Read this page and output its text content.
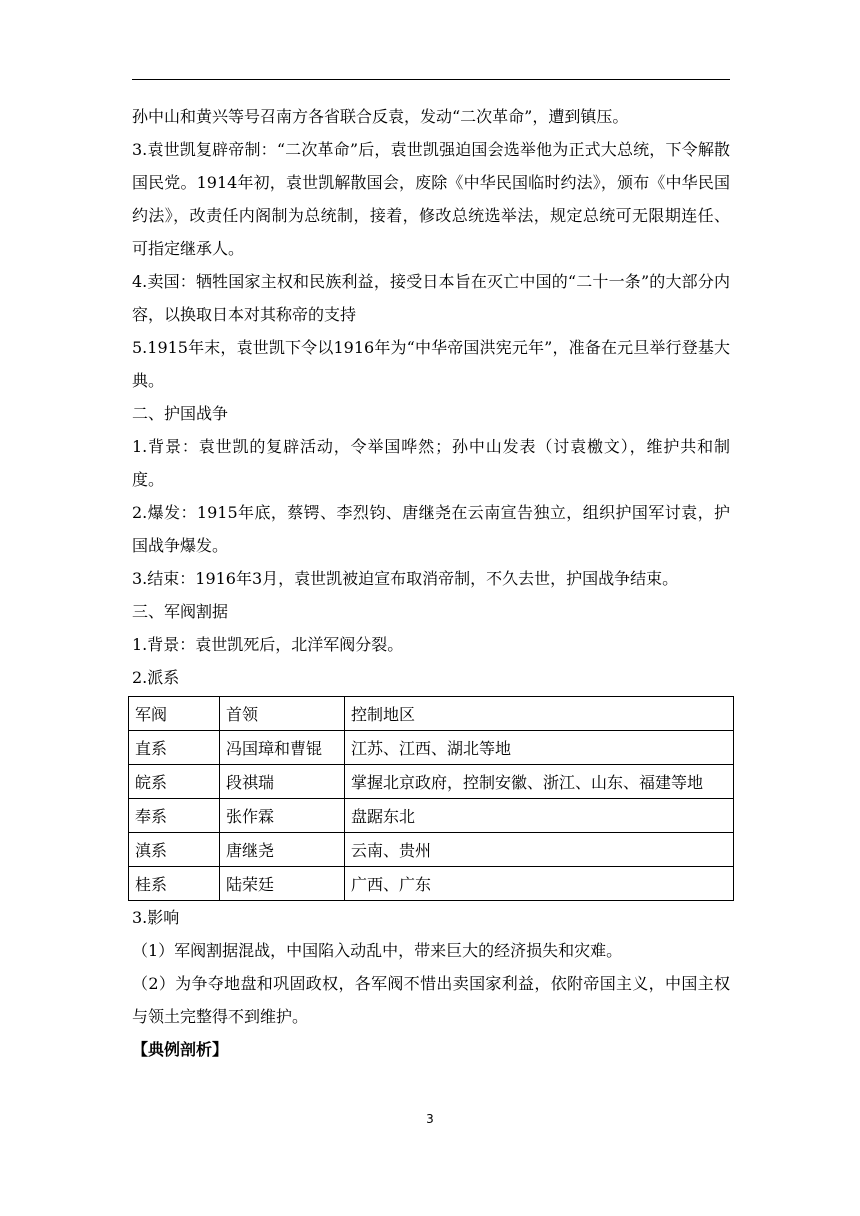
孙中山和黄兴等号召南方各省联合反袁，发动“二次革命”，遭到镇压。

3.袁世凯复辟帝制：“二次革命”后，袁世凯强迫国会选举他为正式大总统，下令解散国民党。1914年初，袁世凯解散国会，废除《中华民国临时约法》，颁布《中华民国约法》，改责任内阁制为总统制，接着，修改总统选举法，规定总统可无限期连任、可指定继承人。

4.卖国：牺牲国家主权和民族利益，接受日本旨在灭亡中国的“二十一条”的大部分内容，以换取日本对其称帝的支持

5.1915年末，袁世凯下令以1916年为“中华帝国洪宪元年”，准备在元旦举行登基大典。

二、护国战争

1.背景：袁世凯的复辟活动，令举国哗然；孙中山发表（讨袁檄文），维护共和制度。

2.爆发：1915年底，蔡锷、李烈钧、唐继尧在云南宣告独立，组织护国军讨袁，护国战争爆发。

3.结束：1916年3月，袁世凯被迫宣布取消帝制，不久去世，护国战争结束。

三、军阀割据

1.背景：袁世凯死后，北洋军阀分裂。

2.派系

军阀	首领	控制地区
直系	冯国璋和曹锟	江苏、江西、湖北等地
皖系	段祺瑞	掌握北京政府，控制安徽、浙江、山东、福建等地
奉系	张作霖	盘踞东北
滇系	唐继尧	云南、贵州
桂系	陆荣廷	广西、广东

3.影响

（1）军阀割据混战，中国陷入动乱中，带来巨大的经济损失和灾难。

（2）为争夺地盘和巩固政权，各军阀不惜出卖国家利益，依附帝国主义，中国主权与领土完整得不到维护。

【典例剖析】

3
